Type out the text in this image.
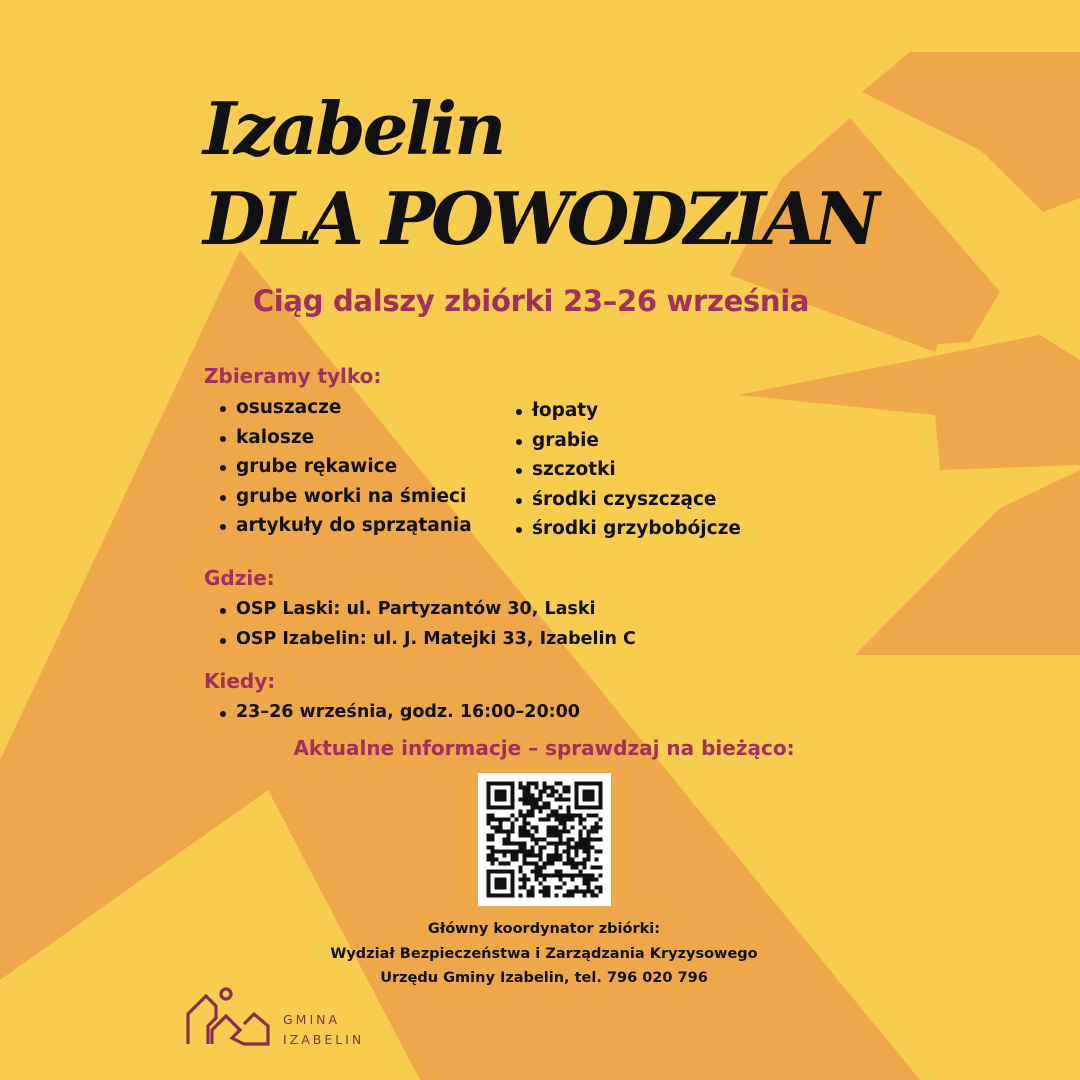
Izabelin
DLA POWODZIAN
Ciąg dalszy zbiórki 23–26 września
Zbieramy tylko:
osuszacze
kalosze
grube rękawice
grube worki na śmieci
artykuły do sprzątania
łopaty
grabie
szczotki
środki czyszczące
środki grzybobójcze
Gdzie:
OSP Laski: ul. Partyzantów 30, Laski
OSP Izabelin: ul. J. Matejki 33, Izabelin C
Kiedy:
23–26 września, godz. 16:00–20:00
Aktualne informacje – sprawdzaj na bieżąco:
Główny koordynator zbiórki:
Wydział Bezpieczeństwa i Zarządzania Kryzysowego
Urzędu Gminy Izabelin, tel. 796 020 796
GMINA
IZABELIN
